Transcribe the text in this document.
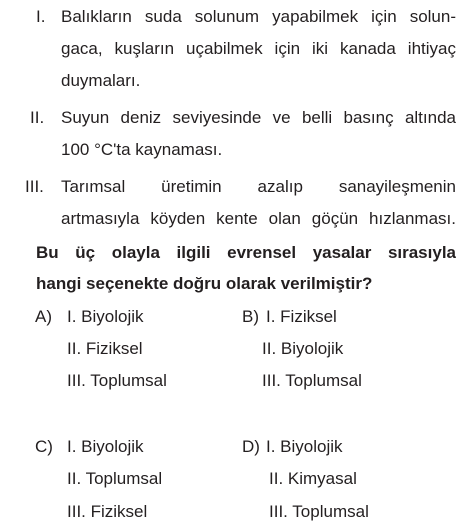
I. Balıkların suda solunum yapabilmek için solun-
gaca, kuşların uçabilmek için iki kanada ihtiyaç
duymaları.
II. Suyun deniz seviyesinde ve belli basınç altında
100 °C'ta kaynaması.
III. Tarımsal üretimin azalıp sanayileşmenin
artmasıyla köyden kente olan göçün hızlanması.
Bu üç olayla ilgili evrensel yasalar sırasıyla
hangi seçenekte doğru olarak verilmiştir?
A) I. Biyolojik
II. Fiziksel
III. Toplumsal
B) I. Fiziksel
II. Biyolojik
III. Toplumsal
C) I. Biyolojik
II. Toplumsal
III. Fiziksel
D) I. Biyolojik
II. Kimyasal
III. Toplumsal
